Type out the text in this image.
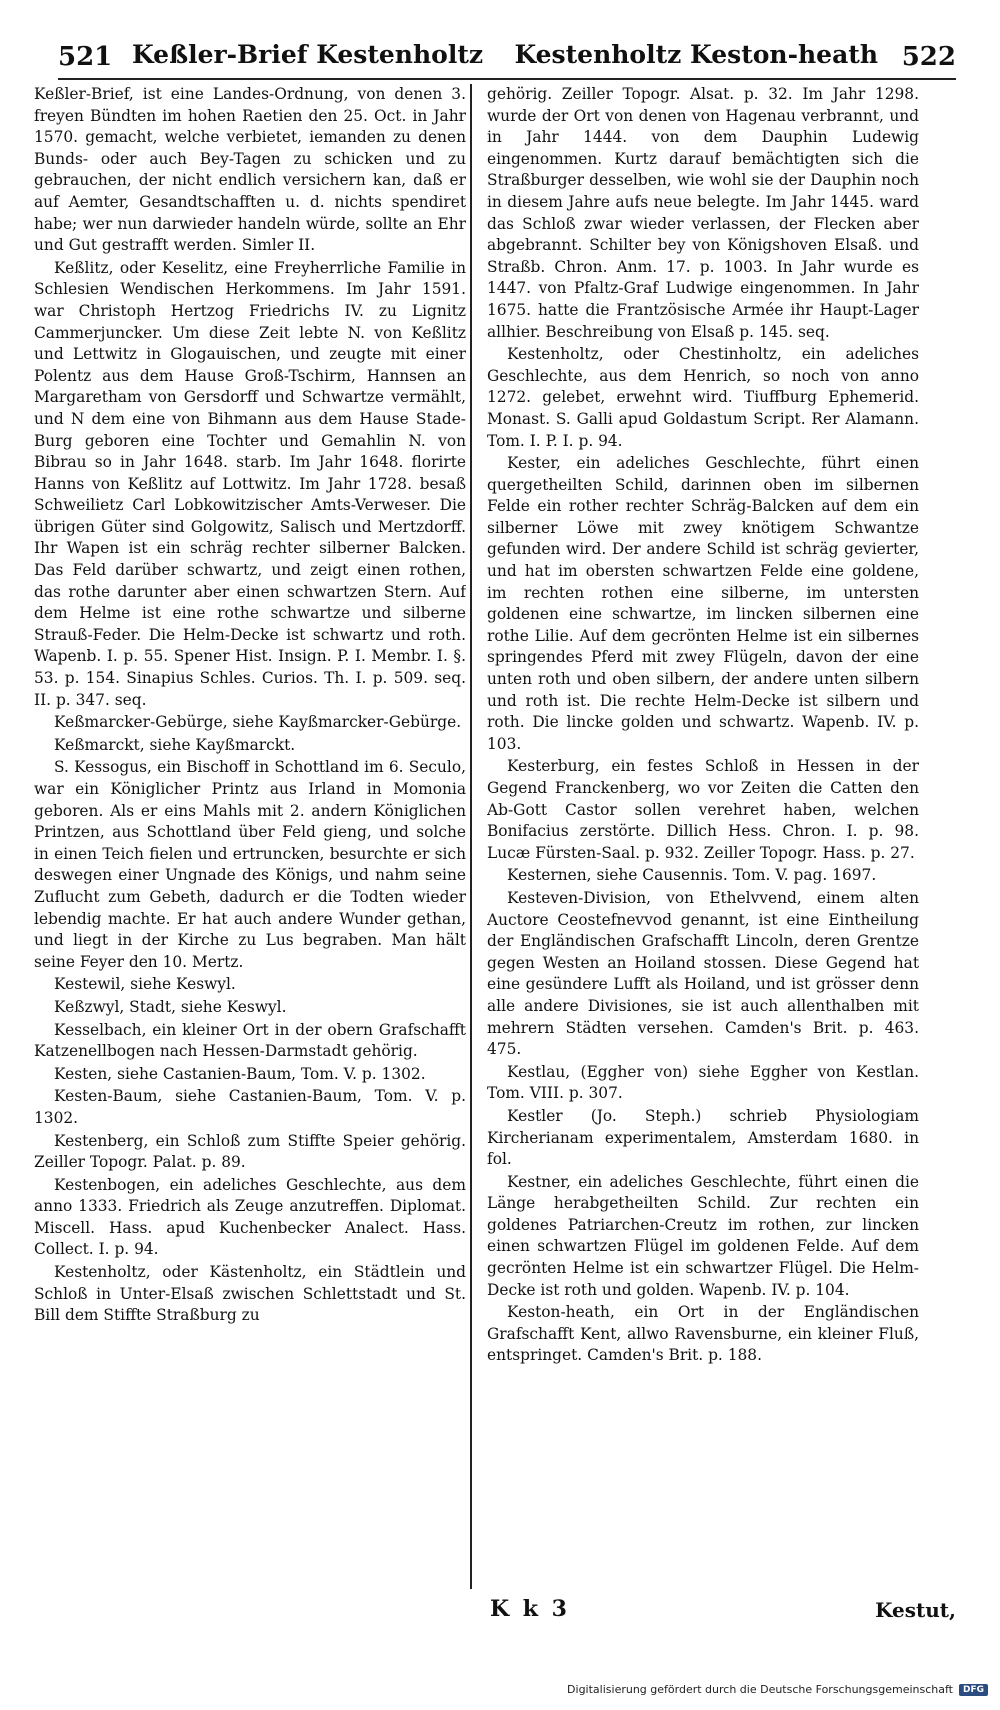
521 Keßler-Brief Kestenholtz Kestenholtz Keston-heath 522

Keßler-Brief, ist eine Landes-Ordnung, von denen 3. freyen Bündten im hohen Raetien den 25. Oct. in Jahr 1570. gemacht, welche verbietet, iemanden zu denen Bunds- oder auch Bey-Tagen zu schicken und zu gebrauchen, der nicht endlich versichern kan, daß er auf Aemter, Gesandtschafften u. d. nichts spendiret habe; wer nun darwieder handeln würde, sollte an Ehr und Gut gestrafft werden. Simler II.

Keßlitz, oder Keselitz, eine Freyherrliche Familie in Schlesien Wendischen Herkommens. Im Jahr 1591. war Christoph Hertzog Friedrichs IV. zu Lignitz Cammerjuncker. Um diese Zeit lebte N. von Keßlitz und Lettwitz in Glogauischen, und zeugte mit einer Polentz aus dem Hause Groß-Tschirm, Hannsen an Margaretham von Gersdorff und Schwartze vermählt, und N dem eine von Bihmann aus dem Hause Stade-Burg geboren eine Tochter und Gemahlin N. von Bibrau so in Jahr 1648. starb. Im Jahr 1648. florirte Hanns von Keßlitz auf Lottwitz. Im Jahr 1728. besaß Schweilietz Carl Lobkowitzischer Amts-Verweser. Die übrigen Güter sind Golgowitz, Salisch und Mertzdorff. Ihr Wapen ist ein schräg rechter silberner Balcken. Das Feld darüber schwartz, und zeigt einen rothen, das rothe darunter aber einen schwartzen Stern. Auf dem Helme ist eine rothe schwartze und silberne Strauß-Feder. Die Helm-Decke ist schwartz und roth. Wapenb. I. p. 55. Spener Hist. Insign. P. I. Membr. I. §. 53. p. 154. Sinapius Schles. Curios. Th. I. p. 509. seq. II. p. 347. seq.

Keßmarcker-Gebürge, siehe Kayßmarcker-Gebürge.

Keßmarckt, siehe Kayßmarckt.

S. Kessogus, ein Bischoff in Schottland im 6. Seculo, war ein Königlicher Printz aus Irland in Momonia geboren. Als er eins Mahls mit 2. andern Königlichen Printzen, aus Schottland über Feld gieng, und solche in einen Teich fielen und ertruncken, besurchte er sich deswegen einer Ungnade des Königs, und nahm seine Zuflucht zum Gebeth, dadurch er die Todten wieder lebendig machte. Er hat auch andere Wunder gethan, und liegt in der Kirche zu Lus begraben. Man hält seine Feyer den 10. Mertz.

Kestewil, siehe Keswyl.

Keßzwyl, Stadt, siehe Keswyl.

Kesselbach, ein kleiner Ort in der obern Grafschafft Katzenellbogen nach Hessen-Darmstadt gehörig.

Kesten, siehe Castanien-Baum, Tom. V. p. 1302.

Kesten-Baum, siehe Castanien-Baum, Tom. V. p. 1302.

Kestenberg, ein Schloß zum Stiffte Speier gehörig. Zeiller Topogr. Palat. p. 89.

Kestenbogen, ein adeliches Geschlechte, aus dem anno 1333. Friedrich als Zeuge anzutreffen. Diplomat. Miscell. Hass. apud Kuchenbecker Analect. Hass. Collect. I. p. 94.

Kestenholtz, oder Kästenholtz, ein Städtlein und Schloß in Unter-Elsaß zwischen Schlettstadt und St. Bill dem Stiffte Straßburg zu

gehörig. Zeiller Topogr. Alsat. p. 32. Im Jahr 1298. wurde der Ort von denen von Hagenau verbrannt, und in Jahr 1444. von dem Dauphin Ludewig eingenommen. Kurtz darauf bemächtigten sich die Straßburger desselben, wie wohl sie der Dauphin noch in diesem Jahre aufs neue belegte. Im Jahr 1445. ward das Schloß zwar wieder verlassen, der Flecken aber abgebrannt. Schilter bey von Königshoven Elsaß. und Straßb. Chron. Anm. 17. p. 1003. In Jahr wurde es 1447. von Pfaltz-Graf Ludwige eingenommen. In Jahr 1675. hatte die Frantzösische Armée ihr Haupt-Lager allhier. Beschreibung von Elsaß p. 145. seq.

Kestenholtz, oder Chestinholtz, ein adeliches Geschlechte, aus dem Henrich, so noch von anno 1272. gelebet, erwehnt wird. Tiuffburg Ephemerid. Monast. S. Galli apud Goldastum Script. Rer Alamann. Tom. I. P. I. p. 94.

Kester, ein adeliches Geschlechte, führt einen quergetheilten Schild, darinnen oben im silbernen Felde ein rother rechter Schräg-Balcken auf dem ein silberner Löwe mit zwey knötigem Schwantze gefunden wird. Der andere Schild ist schräg gevierter, und hat im obersten schwartzen Felde eine goldene, im rechten rothen eine silberne, im untersten goldenen eine schwartze, im lincken silbernen eine rothe Lilie. Auf dem gecrönten Helme ist ein silbernes springendes Pferd mit zwey Flügeln, davon der eine unten roth und oben silbern, der andere unten silbern und roth ist. Die rechte Helm-Decke ist silbern und roth. Die lincke golden und schwartz. Wapenb. IV. p. 103.

Kesterburg, ein festes Schloß in Hessen in der Gegend Franckenberg, wo vor Zeiten die Catten den Ab-Gott Castor sollen verehret haben, welchen Bonifacius zerstörte. Dillich Hess. Chron. I. p. 98. Lucæ Fürsten-Saal. p. 932. Zeiller Topogr. Hass. p. 27.

Kesternen, siehe Causennis. Tom. V. pag. 1697.

Kesteven-Division, von Ethelvvend, einem alten Auctore Ceostefnevvod genannt, ist eine Eintheilung der Engländischen Grafschafft Lincoln, deren Grentze gegen Westen an Hoiland stossen. Diese Gegend hat eine gesündere Lufft als Hoiland, und ist grösser denn alle andere Divisiones, sie ist auch allenthalben mit mehrern Städten versehen. Camden's Brit. p. 463. 475.

Kestlau, (Eggher von) siehe Eggher von Kestlan. Tom. VIII. p. 307.

Kestler (Jo. Steph.) schrieb Physiologiam Kircherianam experimentalem, Amsterdam 1680. in fol.

Kestner, ein adeliches Geschlechte, führt einen die Länge herabgetheilten Schild. Zur rechten ein goldenes Patriarchen-Creutz im rothen, zur lincken einen schwartzen Flügel im goldenen Felde. Auf dem gecrönten Helme ist ein schwartzer Flügel. Die Helm-Decke ist roth und golden. Wapenb. IV. p. 104.

Keston-heath, ein Ort in der Engländischen Grafschafft Kent, allwo Ravensburne, ein kleiner Fluß, entspringet. Camden's Brit. p. 188.

K k 3	Kestut,
Digitalisierung gefördert durch die Deutsche Forschungsgemeinschaft	DFG
